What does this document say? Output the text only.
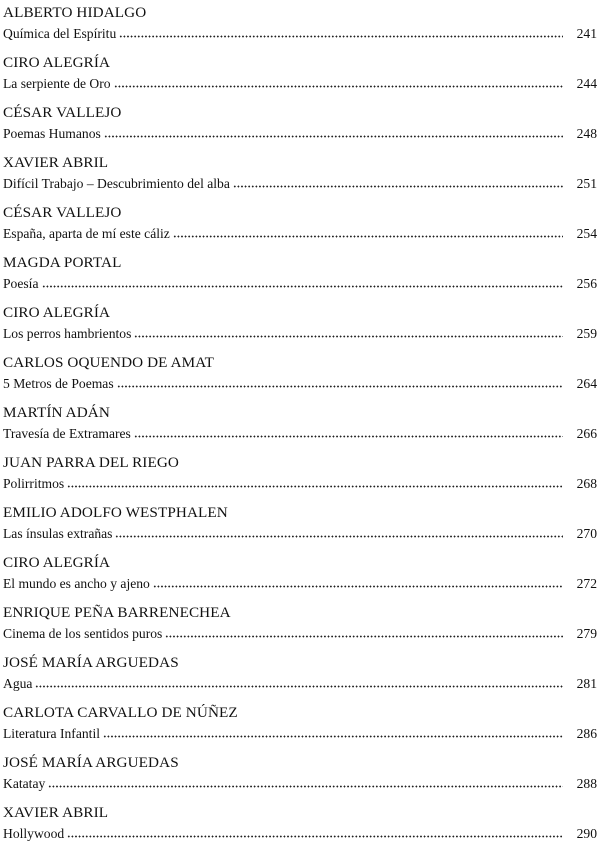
ALBERTO HIDALGO
Química del Espíritu	241
CIRO ALEGRÍA
La serpiente de Oro	244
CÉSAR VALLEJO
Poemas Humanos	248
XAVIER ABRIL
Difícil Trabajo – Descubrimiento del alba	251
CÉSAR VALLEJO
España, aparta de mí este cáliz	254
MAGDA PORTAL
Poesía	256
CIRO ALEGRÍA
Los perros hambrientos	259
CARLOS OQUENDO DE AMAT
5 Metros de Poemas	264
MARTÍN ADÁN
Travesía de Extramares	266
JUAN PARRA DEL RIEGO
Polirritmos	268
EMILIO ADOLFO WESTPHALEN
Las ínsulas extrañas	270
CIRO ALEGRÍA
El mundo es ancho y ajeno	272
ENRIQUE PEÑA BARRENECHEA
Cinema de los sentidos puros	279
JOSÉ MARÍA ARGUEDAS
Agua	281
CARLOTA CARVALLO DE NÚÑEZ
Literatura Infantil	286
JOSÉ MARÍA ARGUEDAS
Katatay	288
XAVIER ABRIL
Hollywood	290
